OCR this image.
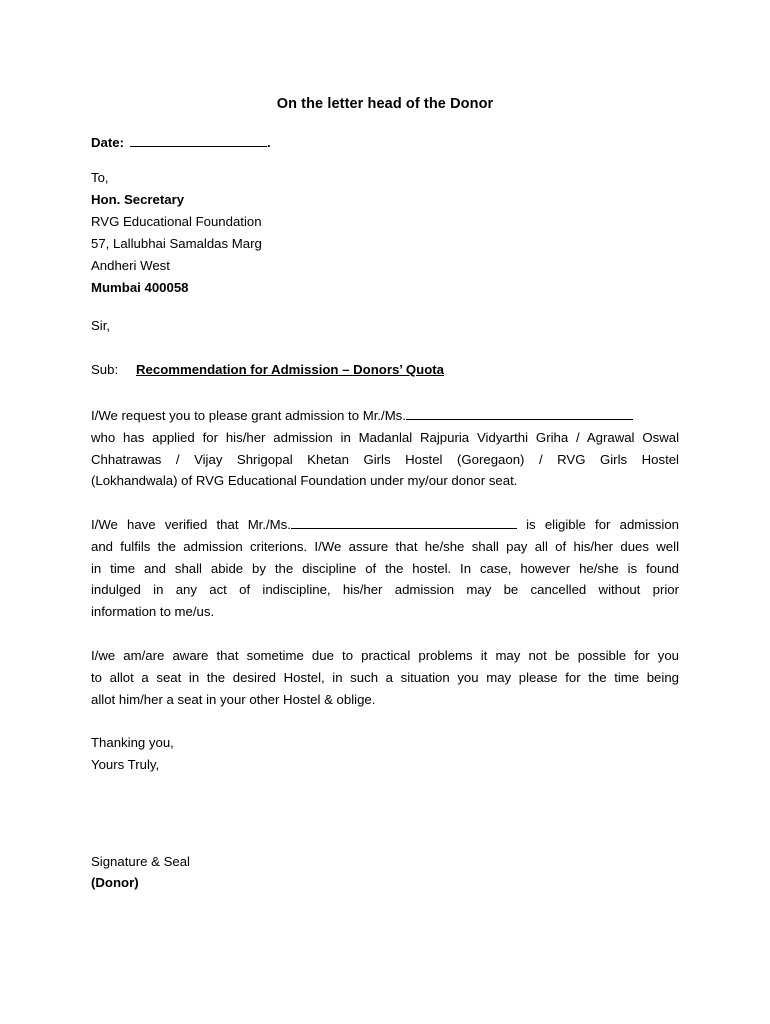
On the letter head of the Donor
Date:	.
To,
Hon. Secretary
RVG Educational Foundation
57, Lallubhai Samaldas Marg
Andheri West
Mumbai 400058
Sir,
Sub: Recommendation for Admission – Donors’ Quota
I/We request you to please grant admission to Mr./Ms.
who has applied for his/her admission in Madanlal Rajpuria Vidyarthi Griha / Agrawal Oswal
Chhatrawas / Vijay Shrigopal Khetan Girls Hostel (Goregaon) / RVG Girls Hostel
(Lokhandwala) of RVG Educational Foundation under my/our donor seat.
I/We have verified that Mr./Ms.	is eligible for admission
and fulfils the admission criterions. I/We assure that he/she shall pay all of his/her dues well
in time and shall abide by the discipline of the hostel. In case, however he/she is found
indulged in any act of indiscipline, his/her admission may be cancelled without prior
information to me/us.
I/we am/are aware that sometime due to practical problems it may not be possible for you
to allot a seat in the desired Hostel, in such a situation you may please for the time being
allot him/her a seat in your other Hostel & oblige.
Thanking you,
Yours Truly,
Signature & Seal
(Donor)
